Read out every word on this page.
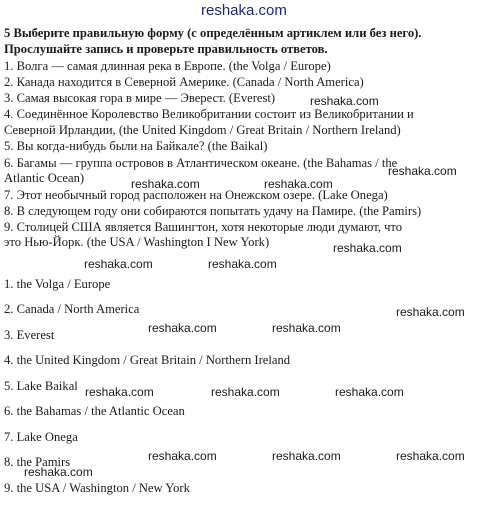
reshaka.com
5 Выберите правильную форму (с определённым артиклем или без него).
Прослушайте запись и проверьте правильность ответов.
1. Волга — самая длинная река в Европе. (the Volga / Europe)
2. Канада находится в Северной Америке. (Canada / North America)
3. Самая высокая гора в мире — Эверест. (Everest)
4. Соединённое Королевство Великобритании состоит из Великобритании и
Северной Ирландии, (the United Kingdom / Great Britain / Northern Ireland)
5. Вы когда-нибудь были на Байкале? (the Baikal)
6. Багамы — группа островов в Атлантическом океане. (the Bahamas / the
Atlantic Ocean)
7. Этот необычный город расположен на Онежском озере. (Lake Onega)
8. В следующем году они собираются попытать удачу на Памире. (the Pamirs)
9. Столицей США является Вашингтон, хотя некоторые люди думают, что
это Нью-Йорк. (the USA / Washington I New York)
1. the Volga / Europe
2. Canada / North America
3. Everest
4. the United Kingdom / Great Britain / Northern Ireland
5. Lake Baikal
6. the Bahamas / the Atlantic Ocean
7. Lake Onega
8. the Pamirs
9. the USA / Washington / New York
reshaka.com
reshaka.com	reshaka.com
reshaka.com
reshaka.com
reshaka.com	reshaka.com
reshaka.com
reshaka.com	reshaka.com
reshaka.com	reshaka.com	reshaka.com
reshaka.com	reshaka.com	reshaka.com
reshaka.com
